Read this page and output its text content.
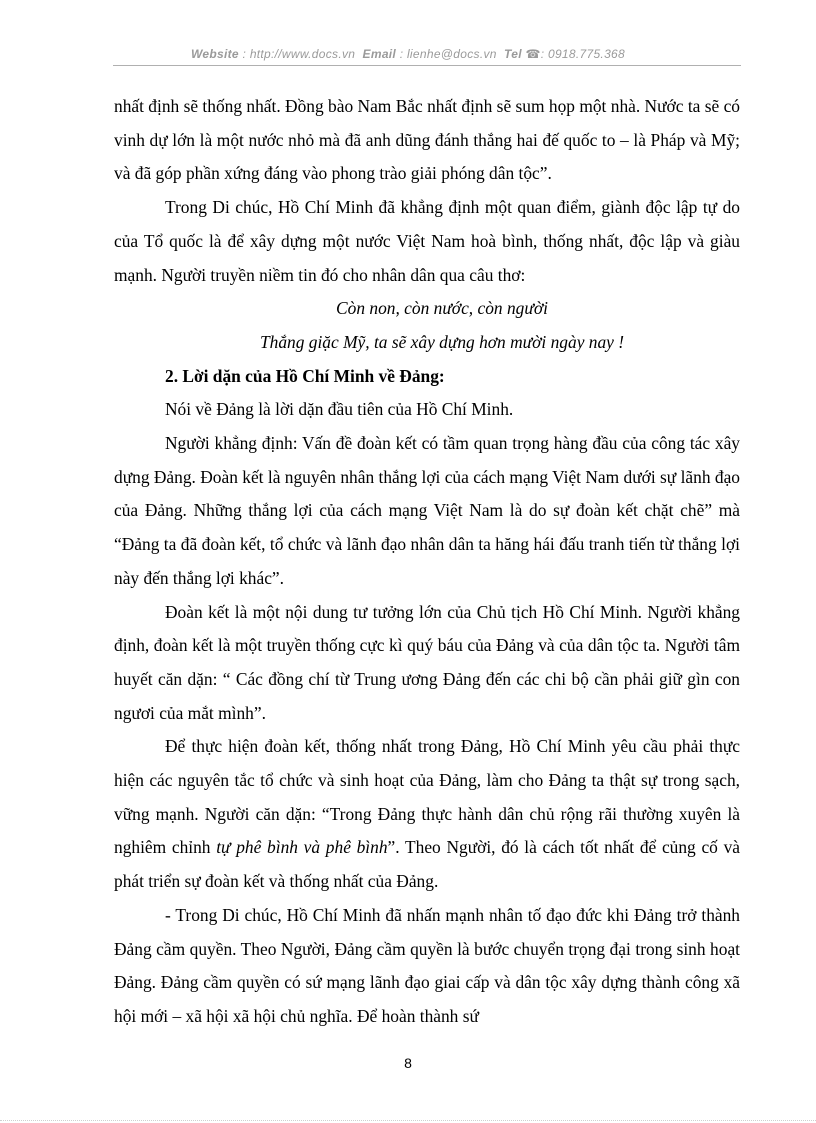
Website : http://www.docs.vn Email : lienhe@docs.vn Tel ☎: 0918.775.368

nhất định sẽ thống nhất. Đồng bào Nam Bắc nhất định sẽ sum họp một nhà. Nước ta sẽ có vinh dự lớn là một nước nhỏ mà đã anh dũng đánh thắng hai đế quốc to – là Pháp và Mỹ; và đã góp phần xứng đáng vào phong trào giải phóng dân tộc”.

Trong Di chúc, Hồ Chí Minh đã khẳng định một quan điểm, giành độc lập tự do của Tổ quốc là để xây dựng một nước Việt Nam hoà bình, thống nhất, độc lập và giàu mạnh. Người truyền niềm tin đó cho nhân dân qua câu thơ:

Còn non, còn nước, còn người

Thắng giặc Mỹ, ta sẽ xây dựng hơn mười ngày nay !

2. Lời dặn của Hồ Chí Minh về Đảng:

Nói về Đảng là lời dặn đầu tiên của Hồ Chí Minh.

Người khẳng định: Vấn đề đoàn kết có tầm quan trọng hàng đầu của công tác xây dựng Đảng. Đoàn kết là nguyên nhân thắng lợi của cách mạng Việt Nam dưới sự lãnh đạo của Đảng. Những thắng lợi của cách mạng Việt Nam là do sự đoàn kết chặt chẽ” mà “Đảng ta đã đoàn kết, tổ chức và lãnh đạo nhân dân ta hăng hái đấu tranh tiến từ thắng lợi này đến thắng lợi khác”.

Đoàn kết là một nội dung tư tưởng lớn của Chủ tịch Hồ Chí Minh. Người khẳng định, đoàn kết là một truyền thống cực kì quý báu của Đảng và của dân tộc ta. Người tâm huyết căn dặn: “ Các đồng chí từ Trung ương Đảng đến các chi bộ cần phải giữ gìn con ngươi của mắt mình”.

Để thực hiện đoàn kết, thống nhất trong Đảng, Hồ Chí Minh yêu cầu phải thực hiện các nguyên tắc tổ chức và sinh hoạt của Đảng, làm cho Đảng ta thật sự trong sạch, vững mạnh. Người căn dặn: “Trong Đảng thực hành dân chủ rộng rãi thường xuyên là nghiêm chỉnh tự phê bình và phê bình”. Theo Người, đó là cách tốt nhất để củng cố và phát triển sự đoàn kết và thống nhất của Đảng.

- Trong Di chúc, Hồ Chí Minh đã nhấn mạnh nhân tố đạo đức khi Đảng trở thành Đảng cầm quyền. Theo Người, Đảng cầm quyền là bước chuyển trọng đại trong sinh hoạt Đảng. Đảng cầm quyền có sứ mạng lãnh đạo giai cấp và dân tộc xây dựng thành công xã hội mới – xã hội xã hội chủ nghĩa. Để hoàn thành sứ

8
